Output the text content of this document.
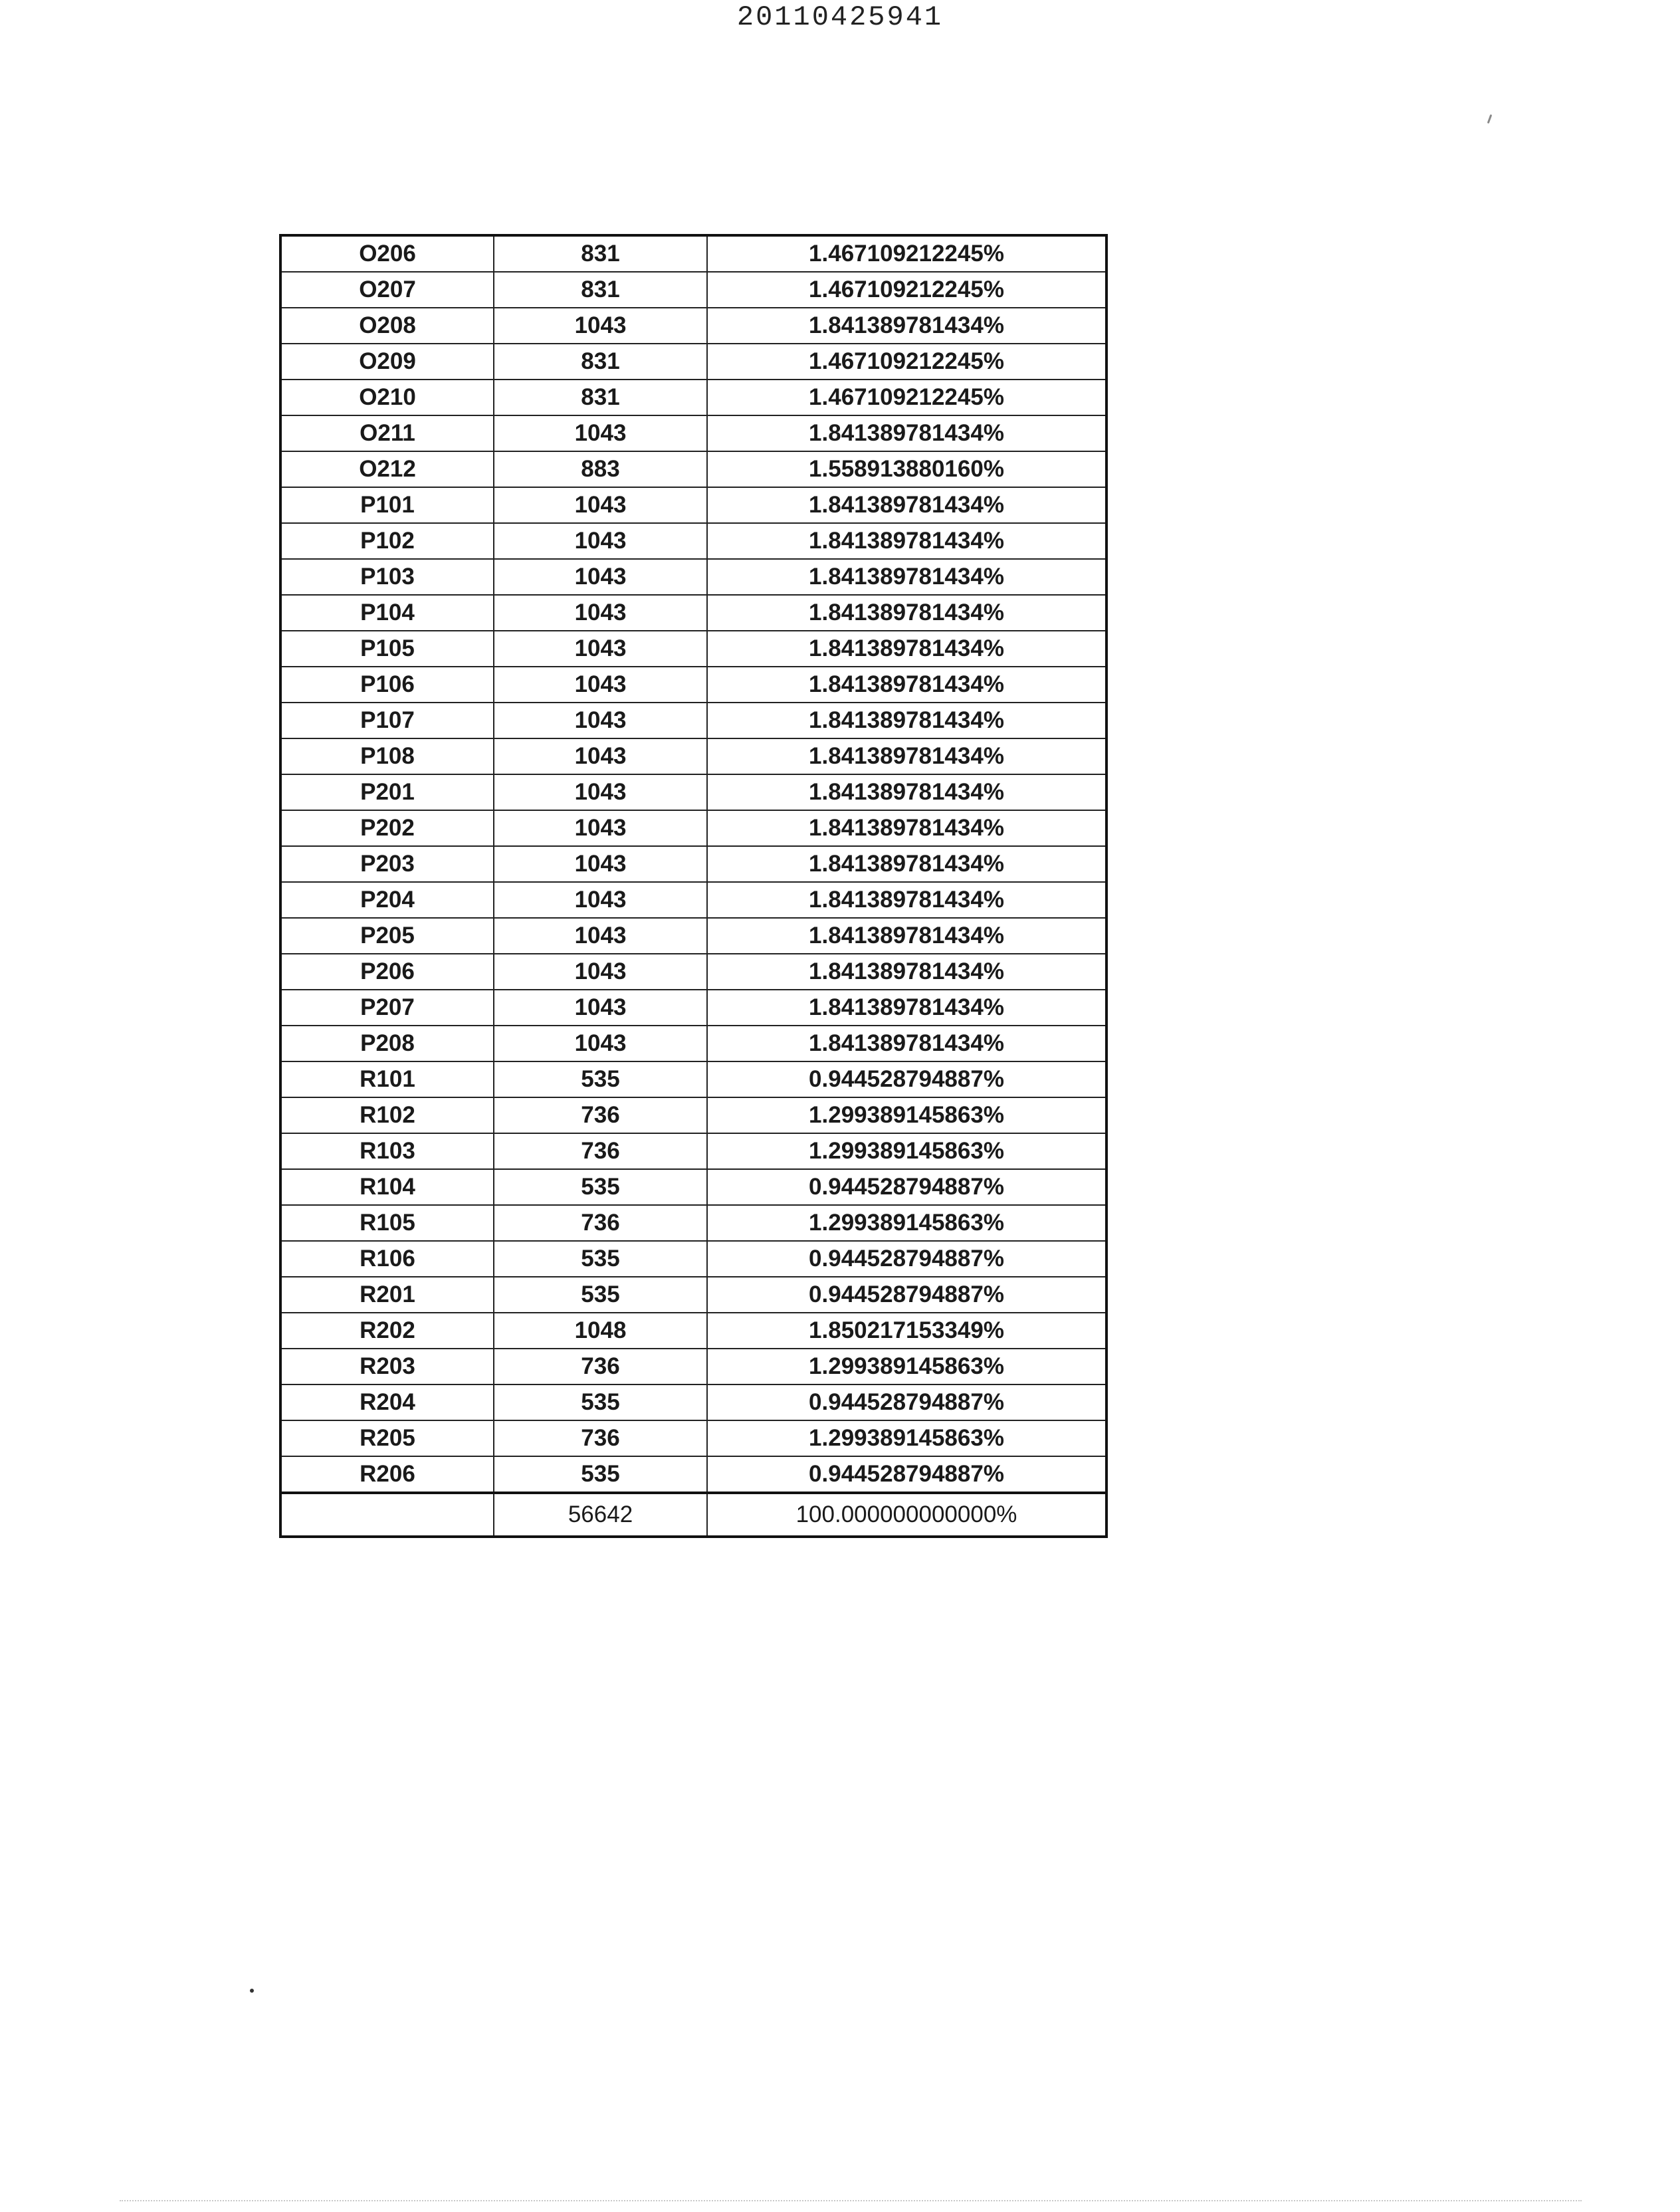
20110425941
O206	831	1.467109212245%
O207	831	1.467109212245%
O208	1043	1.841389781434%
O209	831	1.467109212245%
O210	831	1.467109212245%
O211	1043	1.841389781434%
O212	883	1.558913880160%
P101	1043	1.841389781434%
P102	1043	1.841389781434%
P103	1043	1.841389781434%
P104	1043	1.841389781434%
P105	1043	1.841389781434%
P106	1043	1.841389781434%
P107	1043	1.841389781434%
P108	1043	1.841389781434%
P201	1043	1.841389781434%
P202	1043	1.841389781434%
P203	1043	1.841389781434%
P204	1043	1.841389781434%
P205	1043	1.841389781434%
P206	1043	1.841389781434%
P207	1043	1.841389781434%
P208	1043	1.841389781434%
R101	535	0.944528794887%
R102	736	1.299389145863%
R103	736	1.299389145863%
R104	535	0.944528794887%
R105	736	1.299389145863%
R106	535	0.944528794887%
R201	535	0.944528794887%
R202	1048	1.850217153349%
R203	736	1.299389145863%
R204	535	0.944528794887%
R205	736	1.299389145863%
R206	535	0.944528794887%
	56642	100.000000000000%
